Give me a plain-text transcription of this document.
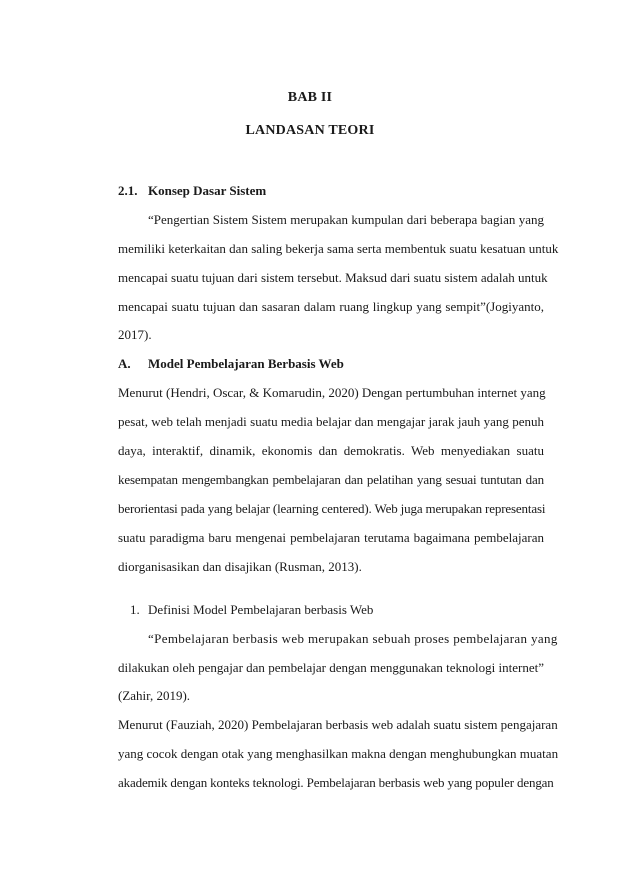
BAB II
LANDASAN TEORI
2.1. Konsep Dasar Sistem
“Pengertian Sistem Sistem merupakan kumpulan dari beberapa bagian yang
memiliki keterkaitan dan saling bekerja sama serta membentuk suatu kesatuan untuk
mencapai suatu tujuan dari sistem tersebut. Maksud dari suatu sistem adalah untuk
mencapai suatu tujuan dan sasaran dalam ruang lingkup yang sempit”(Jogiyanto,
2017).
A. Model Pembelajaran Berbasis Web
Menurut (Hendri, Oscar, & Komarudin, 2020) Dengan pertumbuhan internet yang
pesat, web telah menjadi suatu media belajar dan mengajar jarak jauh yang penuh
daya, interaktif, dinamik, ekonomis dan demokratis. Web menyediakan suatu
kesempatan mengembangkan pembelajaran dan pelatihan yang sesuai tuntutan dan
berorientasi pada yang belajar (learning centered). Web juga merupakan representasi
suatu paradigma baru mengenai pembelajaran terutama bagaimana pembelajaran
diorganisasikan dan disajikan (Rusman, 2013).
1. Definisi Model Pembelajaran berbasis Web
“Pembelajaran berbasis web merupakan sebuah proses pembelajaran yang
dilakukan oleh pengajar dan pembelajar dengan menggunakan teknologi internet”
(Zahir, 2019).
Menurut (Fauziah, 2020) Pembelajaran berbasis web adalah suatu sistem pengajaran
yang cocok dengan otak yang menghasilkan makna dengan menghubungkan muatan
akademik dengan konteks teknologi. Pembelajaran berbasis web yang populer dengan
